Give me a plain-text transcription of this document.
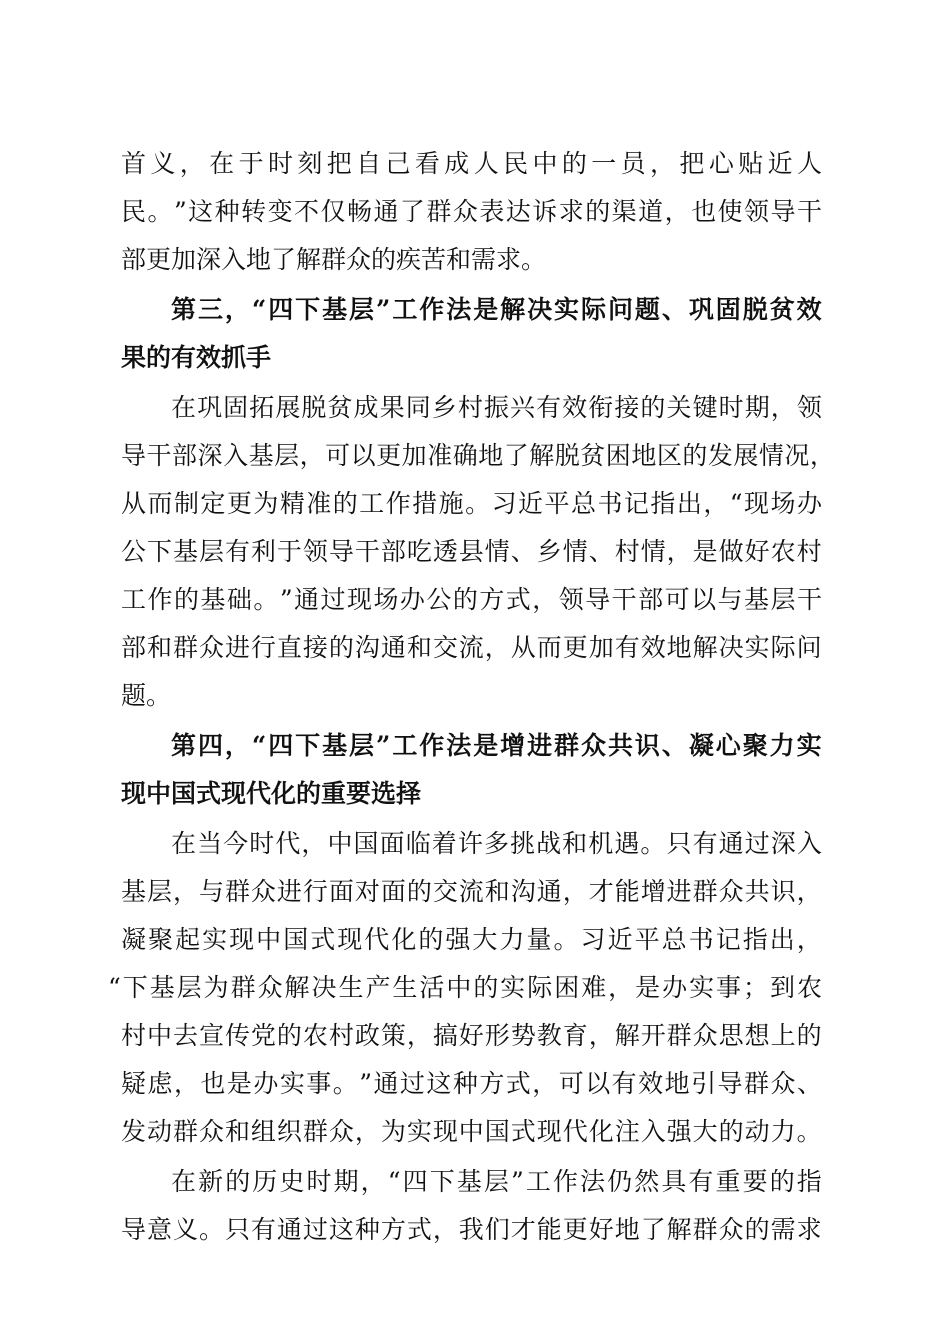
首 义 ， 在 于 时 刻 把 自 己 看 成 人 民 中 的 一 员 ， 把 心 贴 近 人
民 。 ” 这 种 转 变 不 仅 畅 通 了 群 众 表 达 诉 求 的 渠 道 ， 也 使 领 导 干
部更加深入地了解群众的疾苦和需求。
第 三 ， “ 四 下 基 层 ” 工 作 法 是 解 决 实 际 问 题 、 巩 固 脱 贫 效
果的有效抓手
在 巩 固 拓 展 脱 贫 成 果 同 乡 村 振 兴 有 效 衔 接 的 关 键 时 期 ， 领
导 干 部 深 入 基 层 ， 可 以 更 加 准 确 地 了 解 脱 贫 困 地 区 的 发 展 情 况 ，
从 而 制 定 更 为 精 准 的 工 作 措 施 。 习 近 平 总 书 记 指 出 ， “ 现 场 办
公 下 基 层 有 利 于 领 导 干 部 吃 透 县 情 、 乡 情 、 村 情 ， 是 做 好 农 村
工 作 的 基 础 。 ” 通 过 现 场 办 公 的 方 式 ， 领 导 干 部 可 以 与 基 层 干
部 和 群 众 进 行 直 接 的 沟 通 和 交 流 ， 从 而 更 加 有 效 地 解 决 实 际 问
题。
第 四 ， “ 四 下 基 层 ” 工 作 法 是 增 进 群 众 共 识 、 凝 心 聚 力 实
现中国式现代化的重要选择
在 当 今 时 代 ， 中 国 面 临 着 许 多 挑 战 和 机 遇 。 只 有 通 过 深 入
基 层 ， 与 群 众 进 行 面 对 面 的 交 流 和 沟 通 ， 才 能 增 进 群 众 共 识 ，
凝 聚 起 实 现 中 国 式 现 代 化 的 强 大 力 量 。 习 近 平 总 书 记 指 出 ，
“ 下 基 层 为 群 众 解 决 生 产 生 活 中 的 实 际 困 难 ， 是 办 实 事 ； 到 农
村 中 去 宣 传 党 的 农 村 政 策 ， 搞 好 形 势 教 育 ， 解 开 群 众 思 想 上 的
疑 虑 ， 也 是 办 实 事 。 ” 通 过 这 种 方 式 ， 可 以 有 效 地 引 导 群 众 、
发 动 群 众 和 组 织 群 众 ， 为 实 现 中 国 式 现 代 化 注 入 强 大 的 动 力 。
在 新 的 历 史 时 期 ， “ 四 下 基 层 ” 工 作 法 仍 然 具 有 重 要 的 指
导 意 义 。 只 有 通 过 这 种 方 式 ， 我 们 才 能 更 好 地 了 解 群 众 的 需 求
